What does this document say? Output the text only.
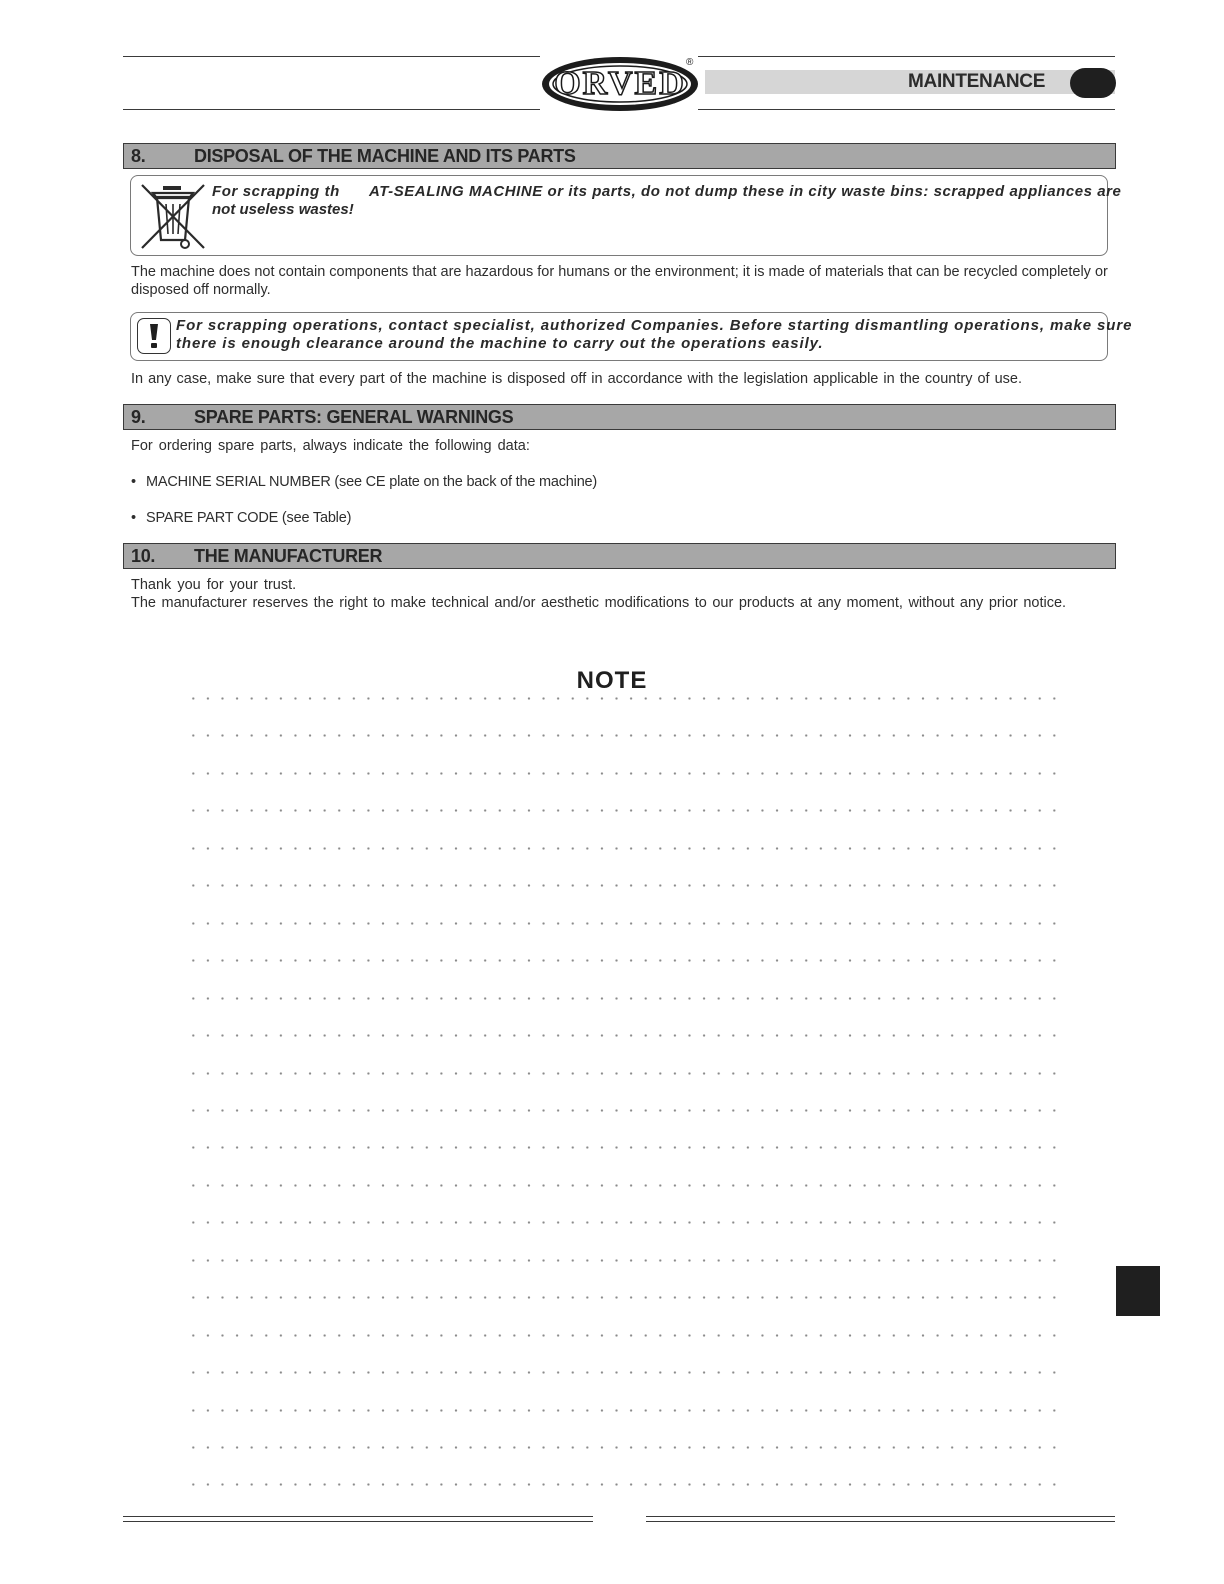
ORVED
®
MAINTENANCE
8.	DISPOSAL OF THE MACHINE AND ITS PARTS
For scrapping th AT-SEALING MACHINE or its parts, do not dump these in city waste bins: scrapped appliances are
not useless wastes!
The machine does not contain components that are hazardous for humans or the environment; it is made of materials that can be recycled completely or disposed off normally.
For scrapping operations, contact specialist, authorized Companies. Before starting dismantling operations, make sure
there is enough clearance around the machine to carry out the operations easily.
In any case, make sure that every part of the machine is disposed off in accordance with the legislation applicable in the country of use.
9.	SPARE PARTS: GENERAL WARNINGS
For ordering spare parts, always indicate the following data:
• MACHINE SERIAL NUMBER (see CE plate on the back of the machine)
• SPARE PART CODE (see Table)
10. THE MANUFACTURER
Thank you for your trust.
The manufacturer reserves the right to make technical and/or aesthetic modifications to our products at any moment, without any prior notice.
NOTE
